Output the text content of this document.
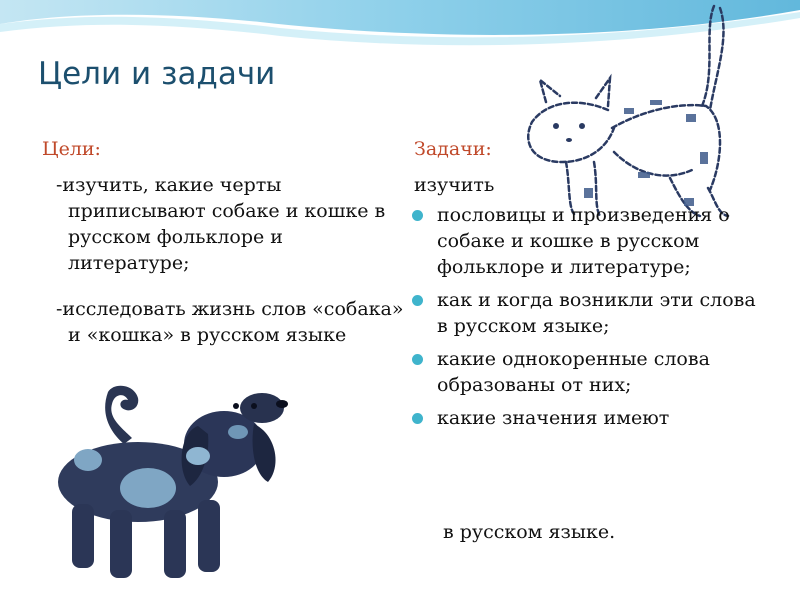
Цели и задачи
Цели:

-изучить, какие черты приписывают собаке и кошке в русском фольклоре и литературе;

-исследовать жизнь слов «собака» и «кошка» в русском языке

Задачи:

изучить

пословицы и произведения о собаке и кошке в русском фольклоре и литературе;
как и когда возникли эти слова в русском языке;
какие однокоренные слова образованы от них;
какие значения имеют

в русском языке.
